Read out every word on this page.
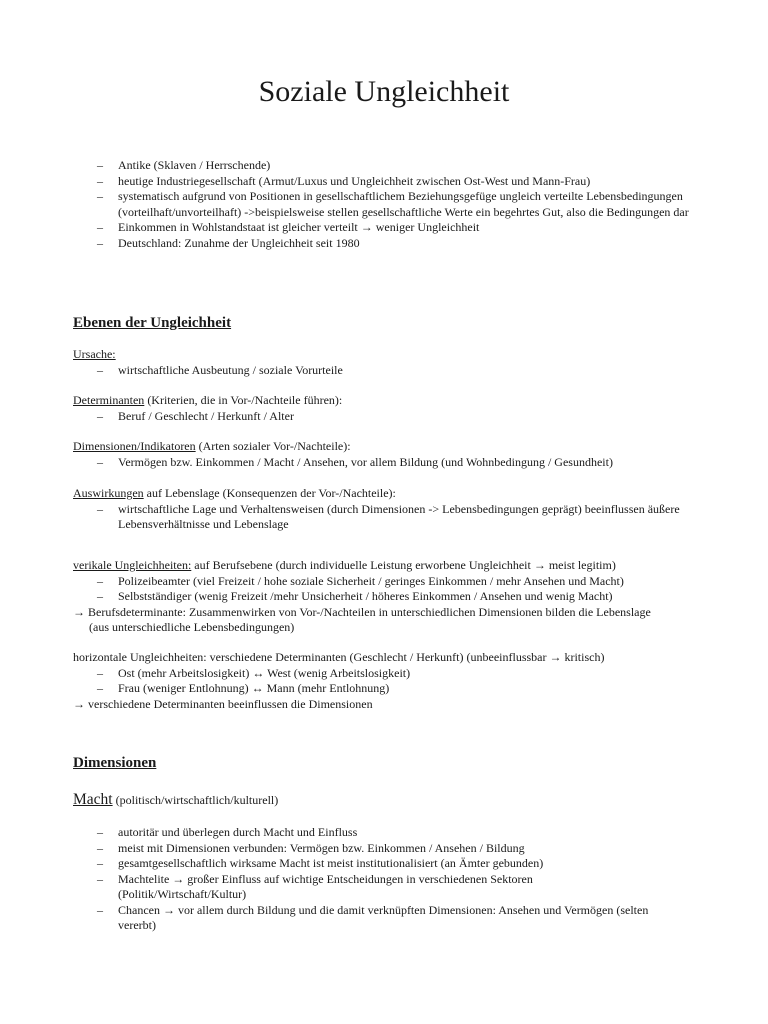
Soziale Ungleichheit
– Antike (Sklaven / Herrschende)
– heutige Industriegesellschaft (Armut/Luxus und Ungleichheit zwischen Ost-West und Mann-Frau)
– systematisch aufgrund von Positionen in gesellschaftlichem Beziehungsgefüge ungleich verteilte Lebensbedingungen (vorteilhaft/unvorteilhaft) ->beispielsweise stellen gesellschaftliche Werte ein begehrtes Gut, also die Bedingungen dar
– Einkommen in Wohlstandstaat ist gleicher verteilt → weniger Ungleichheit
– Deutschland: Zunahme der Ungleichheit seit 1980
Ebenen der Ungleichheit
Ursache:
– wirtschaftliche Ausbeutung / soziale Vorurteile
Determinanten (Kriterien, die in Vor-/Nachteile führen):
– Beruf / Geschlecht / Herkunft / Alter
Dimensionen/Indikatoren (Arten sozialer Vor-/Nachteile):
– Vermögen bzw. Einkommen / Macht / Ansehen, vor allem Bildung (und Wohnbedingung / Gesundheit)
Auswirkungen auf Lebenslage (Konsequenzen der Vor-/Nachteile):
– wirtschaftliche Lage und Verhaltensweisen (durch Dimensionen -> Lebensbedingungen geprägt) beeinflussen äußere Lebensverhältnisse und Lebenslage
verikale Ungleichheiten: auf Berufsebene (durch individuelle Leistung erworbene Ungleichheit → meist legitim)
– Polizeibeamter (viel Freizeit / hohe soziale Sicherheit / geringes Einkommen / mehr Ansehen und Macht)
– Selbstständiger (wenig Freizeit /mehr Unsicherheit / höheres Einkommen / Ansehen und wenig Macht)
→ Berufsdeterminante: Zusammenwirken von Vor-/Nachteilen in unterschiedlichen Dimensionen bilden die Lebenslage
(aus unterschiedliche Lebensbedingungen)
horizontale Ungleichheiten: verschiedene Determinanten (Geschlecht / Herkunft) (unbeeinflussbar → kritisch)
– Ost (mehr Arbeitslosigkeit) ↔ West (wenig Arbeitslosigkeit)
– Frau (weniger Entlohnung) ↔ Mann (mehr Entlohnung)
→ verschiedene Determinanten beeinflussen die Dimensionen
Dimensionen
Macht (politisch/wirtschaftlich/kulturell)
– autoritär und überlegen durch Macht und Einfluss
– meist mit Dimensionen verbunden: Vermögen bzw. Einkommen / Ansehen / Bildung
– gesamtgesellschaftlich wirksame Macht ist meist institutionalisiert (an Ämter gebunden)
– Machtelite → großer Einfluss auf wichtige Entscheidungen in verschiedenen Sektoren (Politik/Wirtschaft/Kultur)
– Chancen → vor allem durch Bildung und die damit verknüpften Dimensionen: Ansehen und Vermögen (selten vererbt)
